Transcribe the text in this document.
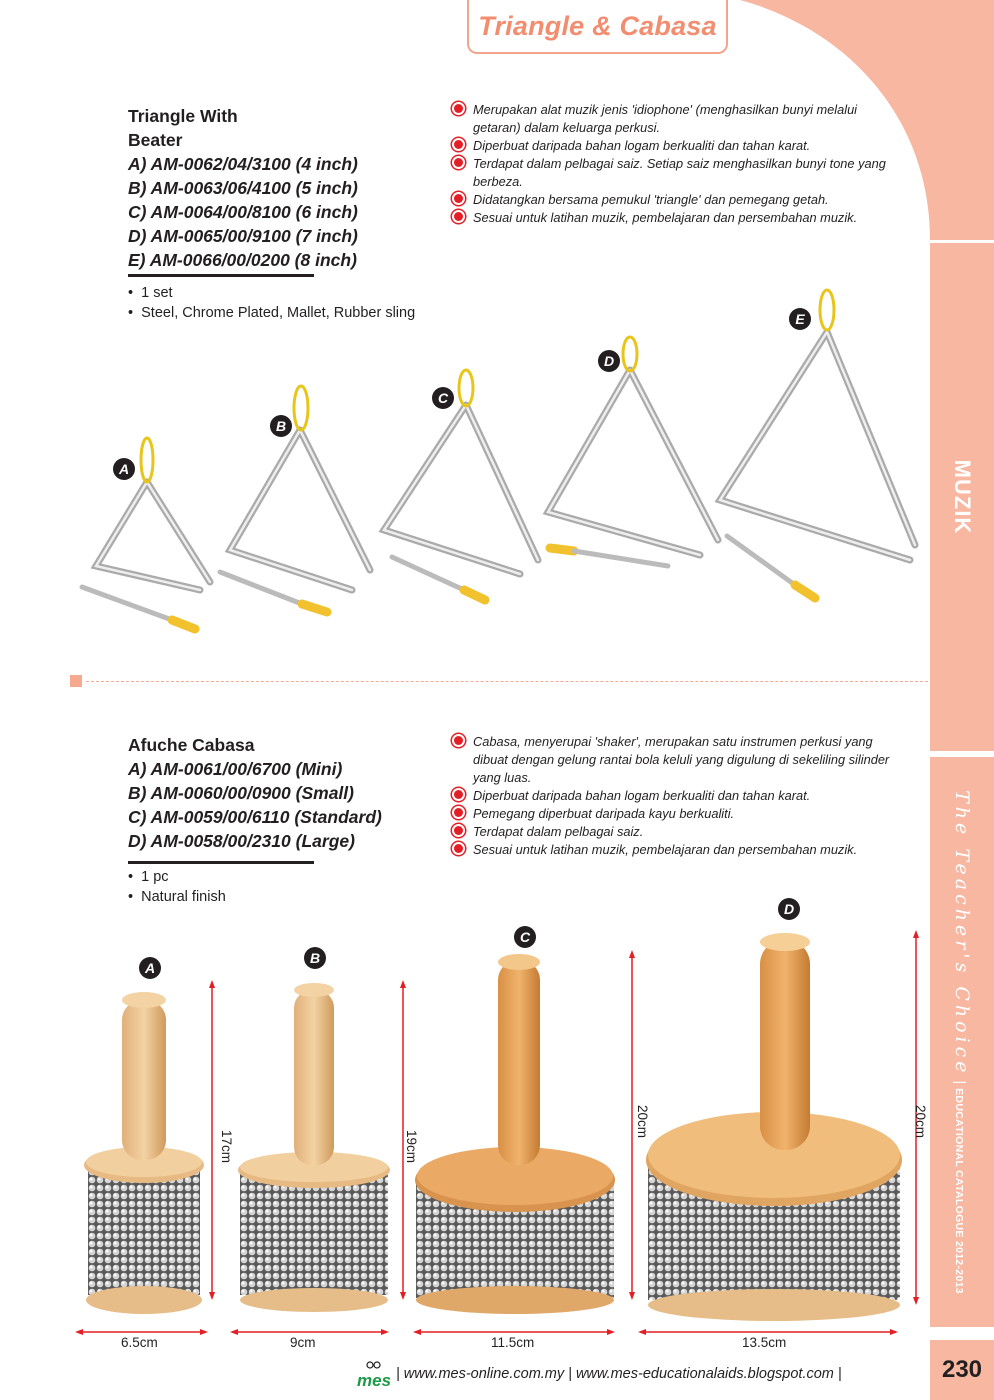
MUZIK
The Teacher's Choice|EDUCATIONAL CATALOGUE 2012-2013
Triangle & Cabasa
Triangle With
Beater
A) AM-0062/04/3100 (4 inch)
B) AM-0063/06/4100 (5 inch)
C) AM-0064/00/8100 (6 inch)
D) AM-0065/00/9100 (7 inch)
E) AM-0066/00/0200 (8 inch)
•  1 set
•  Steel, Chrome Plated, Mallet, Rubber sling
Merupakan alat muzik jenis 'idiophone' (menghasilkan bunyi melalui getaran) dalam keluarga perkusi.
Diperbuat daripada bahan logam berkualiti dan tahan karat.
Terdapat dalam pelbagai saiz. Setiap saiz menghasilkan bunyi tone yang berbeza.
Didatangkan bersama pemukul 'triangle' dan pemegang getah.
Sesuai untuk latihan muzik, pembelajaran dan persembahan muzik.
A
B
C
D
E
Afuche Cabasa
A) AM-0061/00/6700 (Mini)
B) AM-0060/00/0900 (Small)
C) AM-0059/00/6110 (Standard)
D) AM-0058/00/2310 (Large)
•  1 pc
•  Natural finish
Cabasa, menyerupai 'shaker', merupakan satu instrumen perkusi yang dibuat dengan gelung rantai bola keluli yang digulung di sekeliling silinder yang luas.
Diperbuat daripada bahan logam berkualiti dan tahan karat.
Pemegang diperbuat daripada kayu berkualiti.
Terdapat dalam pelbagai saiz.
Sesuai untuk latihan muzik, pembelajaran dan persembahan muzik.
A
B
C
D
17cm	19cm
20cm	20cm
6.5cm	9cm	11.5cm	13.5cm
mes | www.mes-online.com.my | www.mes-educationalaids.blogspot.com |	230
